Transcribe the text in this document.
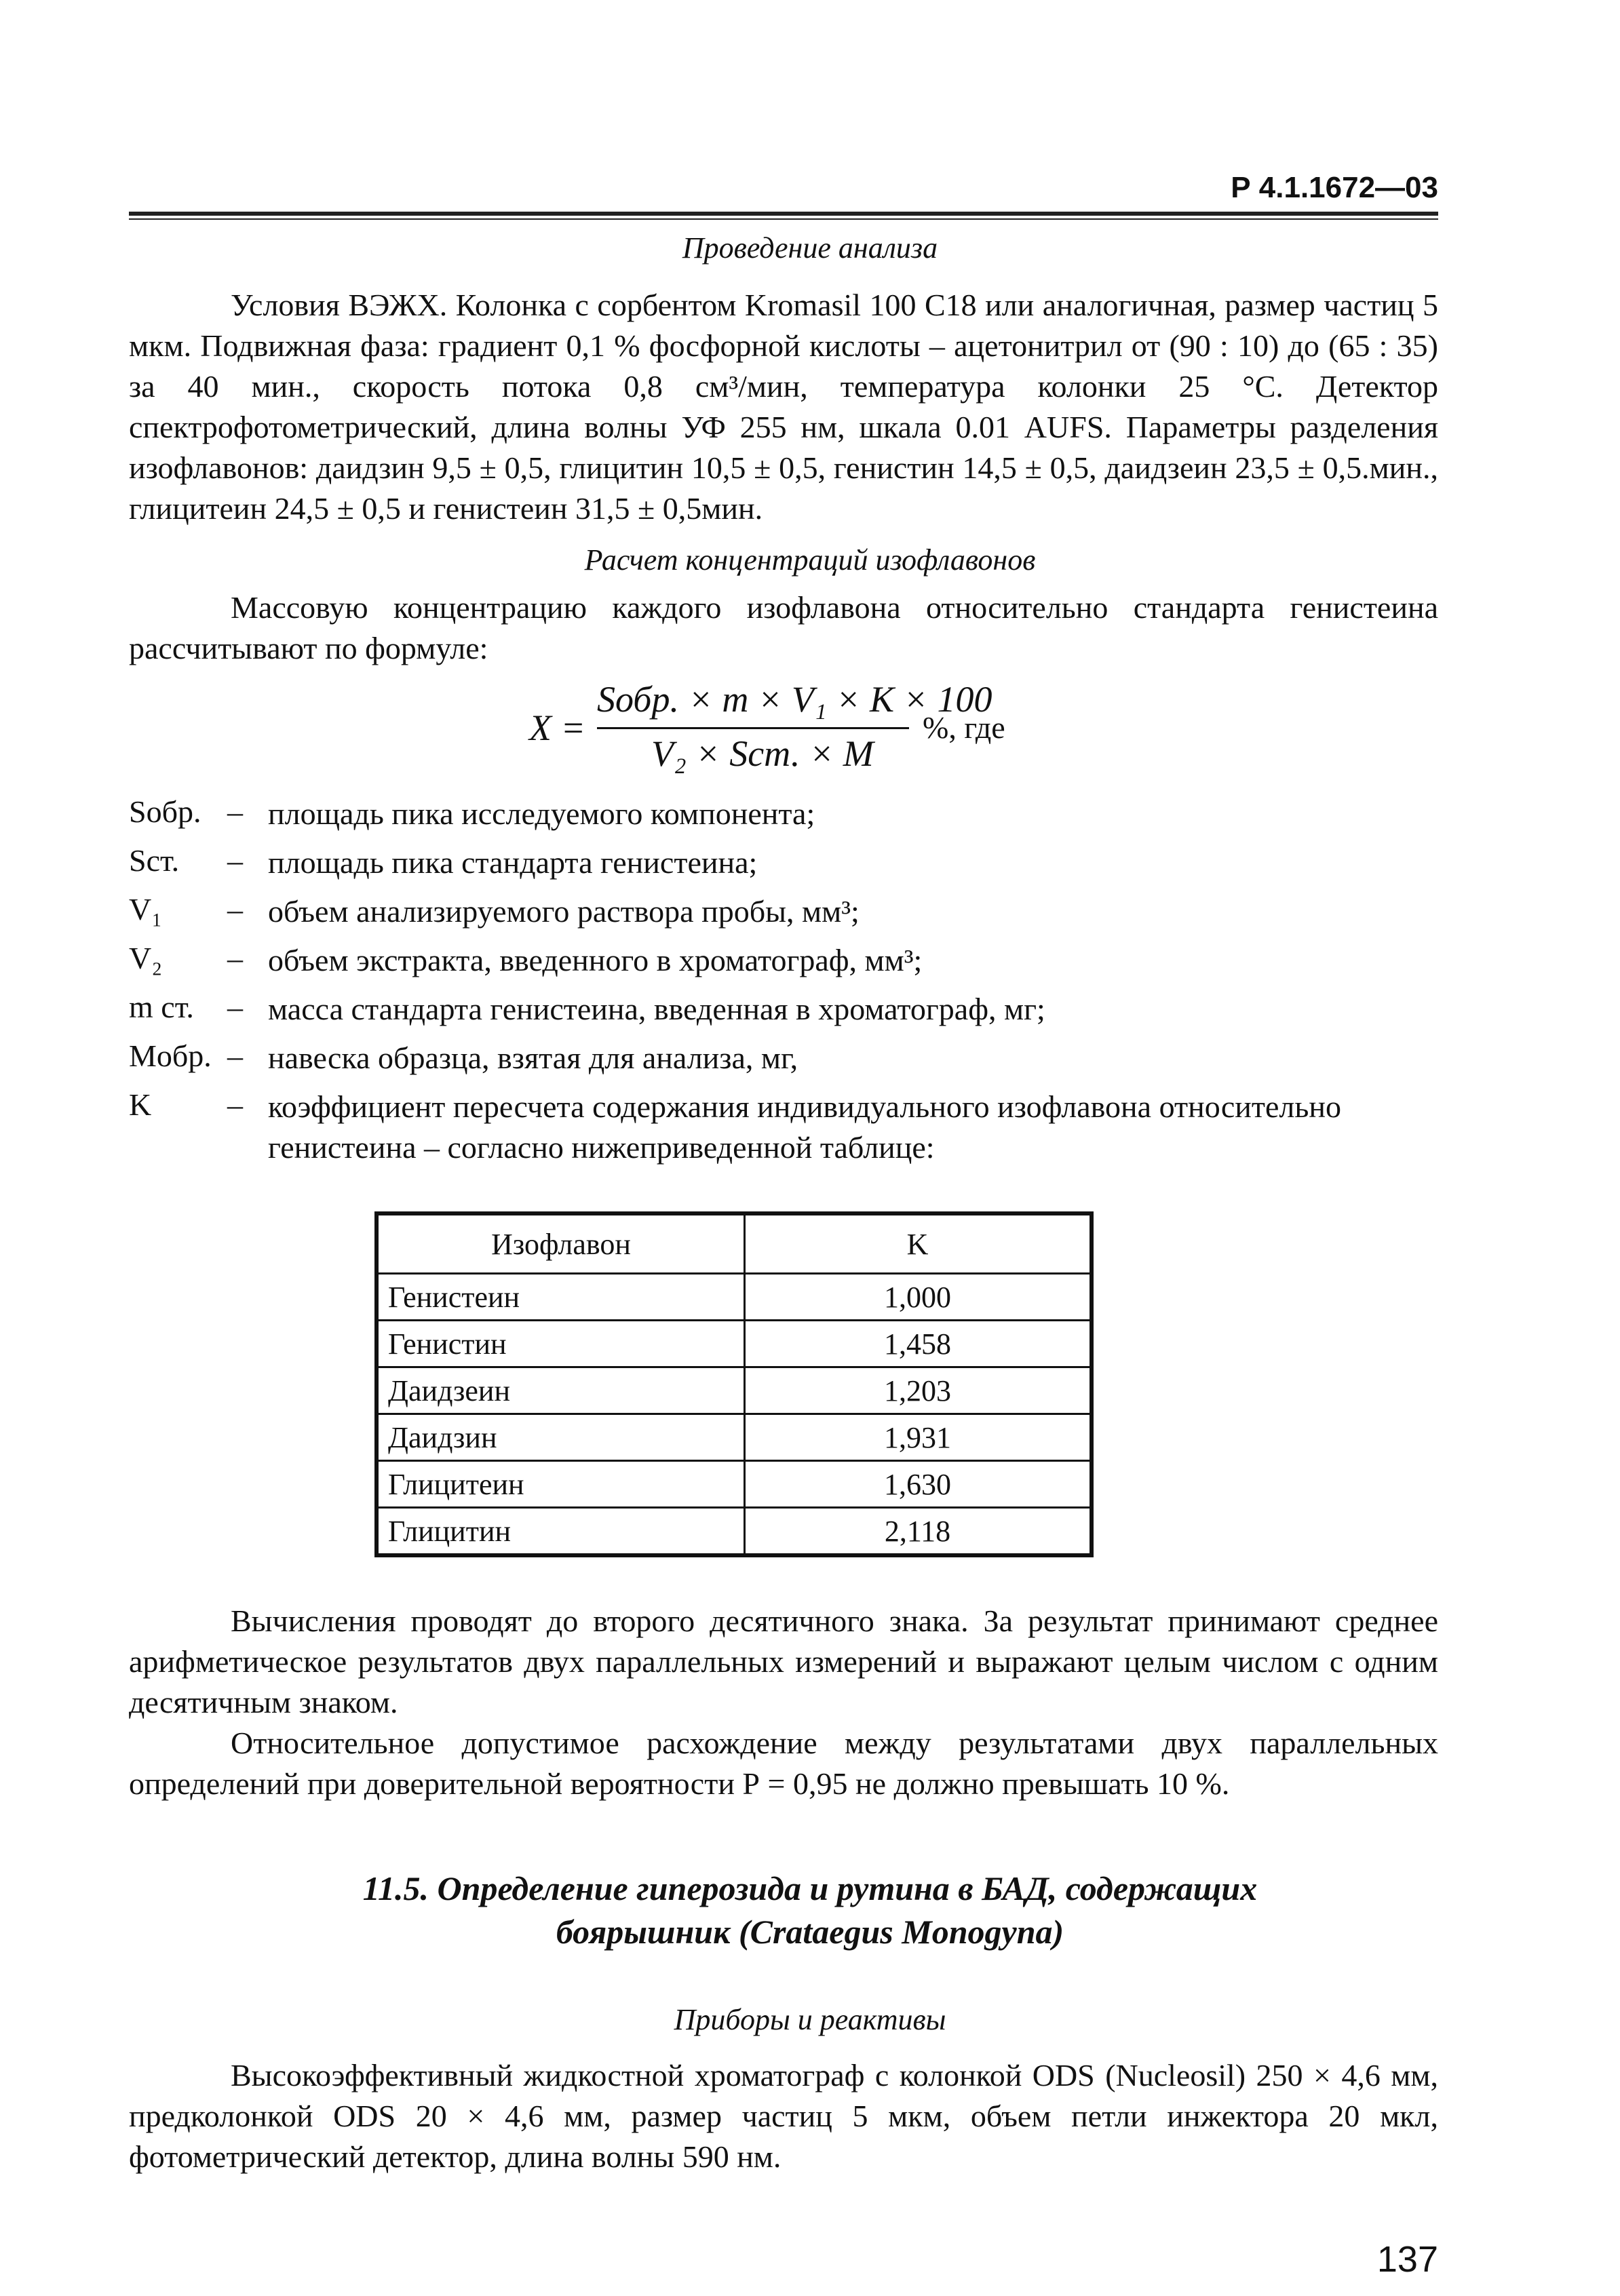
Р 4.1.1672—03
Проведение анализа
Условия ВЭЖХ. Колонка с сорбентом Kromasil 100 C18 или аналогичная, размер частиц 5 мкм. Подвижная фаза: градиент 0,1 % фосфорной кислоты – ацетонитрил от (90 : 10) до (65 : 35) за 40 мин., скорость потока 0,8 см³/мин, температура колонки 25 °С. Детектор спектрофотометрический, длина волны УФ 255 нм, шкала 0.01 AUFS. Параметры разделения изофлавонов: даидзин 9,5 ± 0,5, глицитин 10,5 ± 0,5, генистин 14,5 ± 0,5, даидзеин 23,5 ± 0,5.мин., глицитеин 24,5 ± 0,5 и генистеин 31,5 ± 0,5мин.
Расчет концентраций изофлавонов
Массовую концентрацию каждого изофлавона относительно стандарта генистеина рассчитывают по формуле:
X =
Sобр. × m × V₁ × K × 100
V₂ × Sст. × M
%, где
Sобр. – площадь пика исследуемого компонента;
Sст.	– площадь пика стандарта генистеина;
V₁	– объем анализируемого раствора пробы, мм³;
V₂	– объем экстракта, введенного в хроматограф, мм³;
m ст.	– масса стандарта генистеина, введенная в хроматограф, мг;
Mобр. – навеска образца, взятая для анализа, мг,
K	– коэффициент пересчета содержания индивидуального изофлавона относительно генистеина – согласно нижеприведенной таблице:
Изофлавон	K
Генистеин	1,000
Генистин	1,458
Даидзеин	1,203
Даидзин	1,931
Глицитеин	1,630
Глицитин	2,118
Вычисления проводят до второго десятичного знака. За результат принимают среднее арифметическое результатов двух параллельных измерений и выражают целым числом с одним десятичным знаком.
Относительное допустимое расхождение между результатами двух параллельных определений при доверительной вероятности Р = 0,95 не должно превышать 10 %.
11.5. Определение гиперозида и рутина в БАД, содержащих
боярышник (Crataegus Monogупа)
Приборы и реактивы
Высокоэффективный жидкостной хроматограф с колонкой ODS (Nucleosil) 250 × 4,6 мм, предколонкой ODS 20 × 4,6 мм, размер частиц 5 мкм, объем петли инжектора 20 мкл, фотометрический детектор, длина волны 590 нм.
137
